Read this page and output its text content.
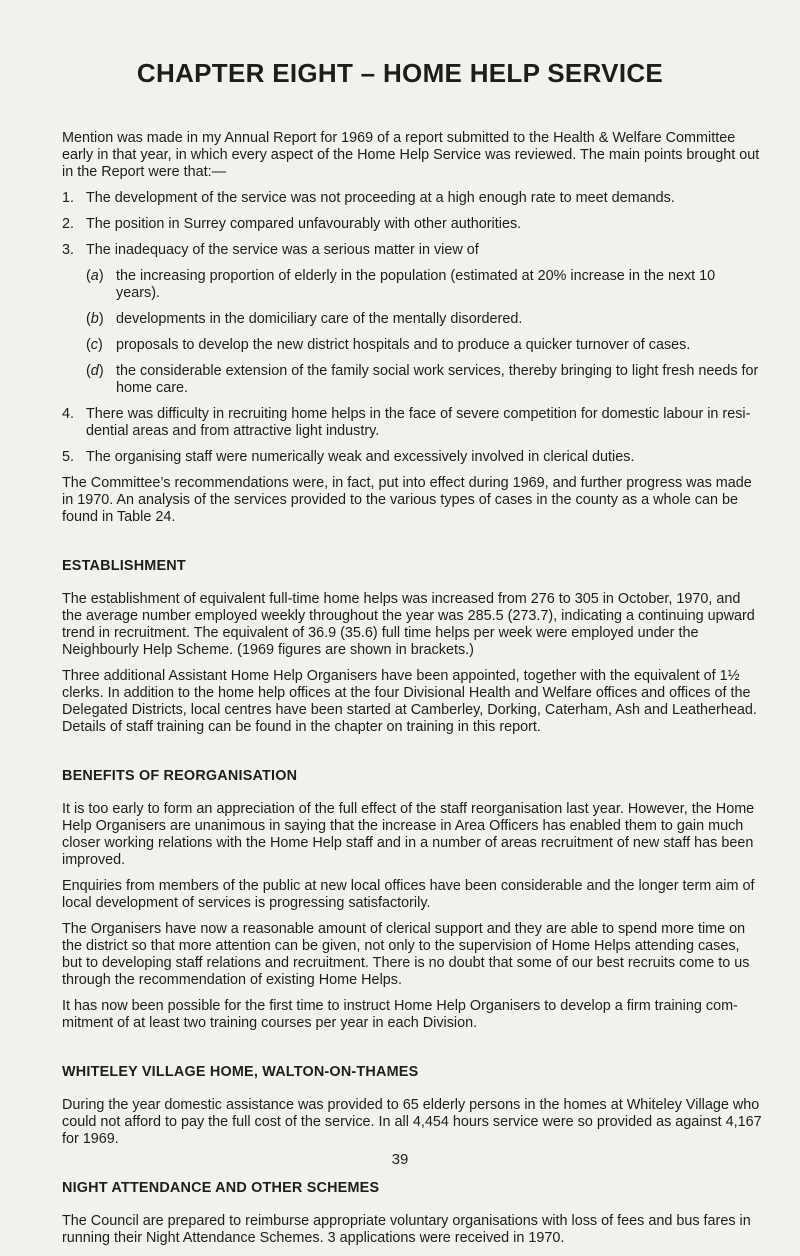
CHAPTER EIGHT – HOME HELP SERVICE

Mention was made in my Annual Report for 1969 of a report submitted to the Health & Welfare Committee early in that year, in which every aspect of the Home Help Service was reviewed. The main points brought out in the Report were that:—

1. The development of the service was not proceeding at a high enough rate to meet demands.
2. The position in Surrey compared unfavourably with other authorities.
3. The inadequacy of the service was a serious matter in view of
(a) the increasing proportion of elderly in the population (estimated at 20% increase in the next 10 years).
(b) developments in the domiciliary care of the mentally disordered.
(c) proposals to develop the new district hospitals and to produce a quicker turnover of cases.
(d) the considerable extension of the family social work services, thereby bringing to light fresh needs for home care.
4. There was difficulty in recruiting home helps in the face of severe competition for domestic labour in resi- dential areas and from attractive light industry.
5. The organising staff were numerically weak and excessively involved in clerical duties.

The Committee’s recommendations were, in fact, put into effect during 1969, and further progress was made in 1970. An analysis of the services provided to the various types of cases in the county as a whole can be found in Table 24.

ESTABLISHMENT

The establishment of equivalent full-time home helps was increased from 276 to 305 in October, 1970, and the average number employed weekly throughout the year was 285.5 (273.7), indicating a continuing upward trend in recruitment. The equivalent of 36.9 (35.6) full time helps per week were employed under the Neighbourly Help Scheme. (1969 figures are shown in brackets.)

Three additional Assistant Home Help Organisers have been appointed, together with the equivalent of 1½ clerks. In addition to the home help offices at the four Divisional Health and Welfare offices and offices of the Delegated Districts, local centres have been started at Camberley, Dorking, Caterham, Ash and Leatherhead. Details of staff training can be found in the chapter on training in this report.

BENEFITS OF REORGANISATION

It is too early to form an appreciation of the full effect of the staff reorganisation last year. However, the Home Help Organisers are unanimous in saying that the increase in Area Officers has enabled them to gain much closer working relations with the Home Help staff and in a number of areas recruitment of new staff has been improved.

Enquiries from members of the public at new local offices have been considerable and the longer term aim of local development of services is progressing satisfactorily.

The Organisers have now a reasonable amount of clerical support and they are able to spend more time on the district so that more attention can be given, not only to the supervision of Home Helps attending cases, but to developing staff relations and recruitment. There is no doubt that some of our best recruits come to us through the recommendation of existing Home Helps.

It has now been possible for the first time to instruct Home Help Organisers to develop a firm training com- mitment of at least two training courses per year in each Division.

WHITELEY VILLAGE HOME, WALTON-ON-THAMES

During the year domestic assistance was provided to 65 elderly persons in the homes at Whiteley Village who could not afford to pay the full cost of the service. In all 4,454 hours service were so provided as against 4,167 for 1969.

NIGHT ATTENDANCE AND OTHER SCHEMES

The Council are prepared to reimburse appropriate voluntary organisations with loss of fees and bus fares in running their Night Attendance Schemes. 3 applications were received in 1970.

39
